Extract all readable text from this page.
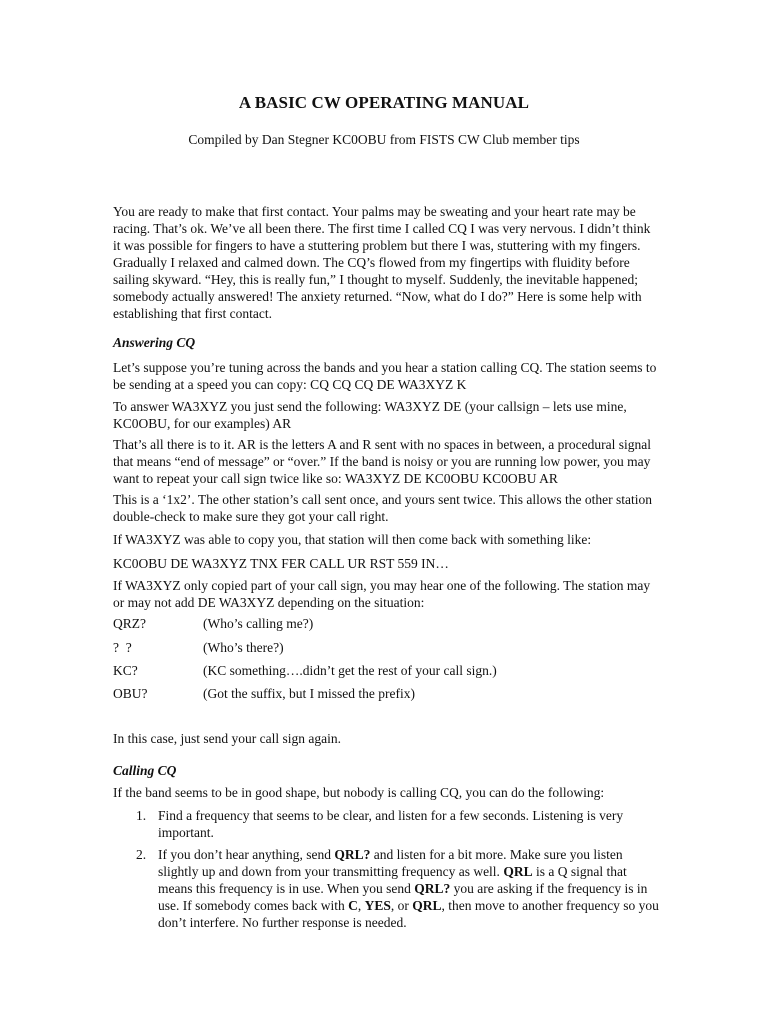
A BASIC CW OPERATING MANUAL
Compiled by Dan Stegner KC0OBU from FISTS CW Club member tips

You are ready to make that first contact. Your palms may be sweating and your heart rate may be racing. That’s ok. We’ve all been there. The first time I called CQ I was very nervous. I didn’t think it was possible for fingers to have a stuttering problem but there I was, stuttering with my fingers. Gradually I relaxed and calmed down. The CQ’s flowed from my fingertips with fluidity before sailing skyward. “Hey, this is really fun,” I thought to myself. Suddenly, the inevitable happened; somebody actually answered! The anxiety returned. “Now, what do I do?” Here is some help with establishing that first contact.

Answering CQ

Let’s suppose you’re tuning across the bands and you hear a station calling CQ. The station seems to be sending at a speed you can copy: CQ CQ CQ DE WA3XYZ K

To answer WA3XYZ you just send the following: WA3XYZ DE (your callsign – lets use mine, KC0OBU, for our examples) AR

That’s all there is to it. AR is the letters A and R sent with no spaces in between, a procedural signal that means “end of message” or “over.” If the band is noisy or you are running low power, you may want to repeat your call sign twice like so: WA3XYZ DE KC0OBU KC0OBU AR

This is a ‘1x2’. The other station’s call sent once, and yours sent twice. This allows the other station double-check to make sure they got your call right.

If WA3XYZ was able to copy you, that station will then come back with something like:

KC0OBU DE WA3XYZ TNX FER CALL UR RST 559 IN…

If WA3XYZ only copied part of your call sign, you may hear one of the following. The station may or may not add DE WA3XYZ depending on the situation:

QRZ?	(Who’s calling me?)
?  ?	(Who’s there?)
KC?	(KC something….didn’t get the rest of your call sign.)
OBU?	(Got the suffix, but I missed the prefix)

In this case, just send your call sign again.

Calling CQ

If the band seems to be in good shape, but nobody is calling CQ, you can do the following:

1. Find a frequency that seems to be clear, and listen for a few seconds. Listening is very important.
2. If you don’t hear anything, send QRL? and listen for a bit more. Make sure you listen slightly up and down from your transmitting frequency as well. QRL is a Q signal that means this frequency is in use. When you send QRL? you are asking if the frequency is in use. If somebody comes back with C, YES, or QRL, then move to another frequency so you don’t interfere. No further response is needed.
